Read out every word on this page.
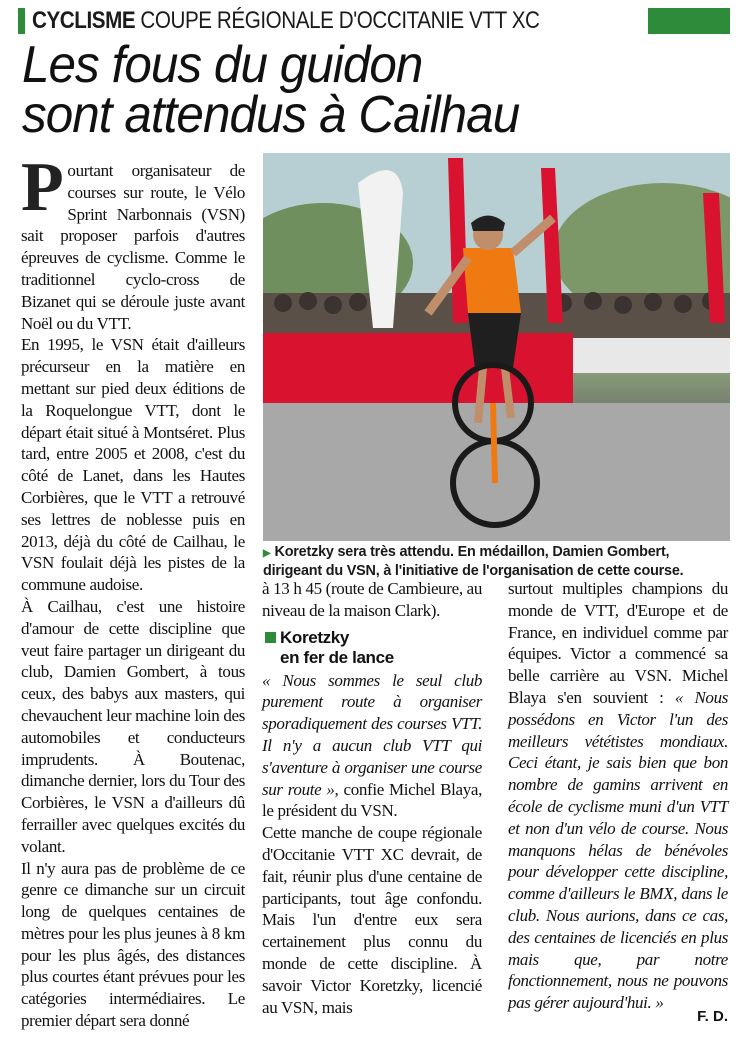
CYCLISME COUPE RÉGIONALE D'OCCITANIE VTT XC
Les fous du guidon
sont attendus à Cailhau

Pourtant organisateur de courses sur route, le Vélo Sprint Narbonnais (VSN) sait proposer parfois d'autres épreuves de cyclisme. Comme le traditionnel cyclo-cross de Bizanet qui se déroule juste avant Noël ou du VTT.

En 1995, le VSN était d'ailleurs précurseur en la matière en mettant sur pied deux éditions de la Roquelongue VTT, dont le départ était situé à Montséret. Plus tard, entre 2005 et 2008, c'est du côté de Lanet, dans les Hautes Corbières, que le VTT a retrouvé ses lettres de noblesse puis en 2013, déjà du côté de Cailhau, le VSN foulait déjà les pistes de la commune audoise.

À Cailhau, c'est une histoire d'amour de cette discipline que veut faire partager un dirigeant du club, Damien Gombert, à tous ceux, des babys aux masters, qui chevauchent leur machine loin des automobiles et conducteurs imprudents. À Boutenac, dimanche dernier, lors du Tour des Corbières, le VSN a d'ailleurs dû ferrailler avec quelques excités du volant.

Il n'y aura pas de problème de ce genre ce dimanche sur un circuit long de quelques centaines de mètres pour les plus jeunes à 8 km pour les plus âgés, des distances plus courtes étant prévues pour les catégories intermédiaires. Le premier départ sera donné

▶ Koretzky sera très attendu. En médaillon, Damien Gombert, dirigeant du VSN, à l'initiative de l'organisation de cette course.

à 13 h 45 (route de Cambieure, au niveau de la maison Clark).

Koretzky
en fer de lance

« Nous sommes le seul club purement route à organiser sporadiquement des courses VTT. Il n'y a aucun club VTT qui s'aventure à organiser une course sur route », confie Michel Blaya, le président du VSN.

Cette manche de coupe régionale d'Occitanie VTT XC devrait, de fait, réunir plus d'une centaine de participants, tout âge confondu. Mais l'un d'entre eux sera certainement plus connu du monde de cette discipline. À savoir Victor Koretzky, licencié au VSN, mais

surtout multiples champions du monde de VTT, d'Europe et de France, en individuel comme par équipes. Victor a commencé sa belle carrière au VSN. Michel Blaya s'en souvient : « Nous possédons en Victor l'un des meilleurs vététistes mondiaux. Ceci étant, je sais bien que bon nombre de gamins arrivent en école de cyclisme muni d'un VTT et non d'un vélo de course. Nous manquons hélas de bénévoles pour développer cette discipline, comme d'ailleurs le BMX, dans le club. Nous aurions, dans ce cas, des centaines de licenciés en plus mais que, par notre fonctionnement, nous ne pouvons pas gérer aujourd'hui. »

F. D.
